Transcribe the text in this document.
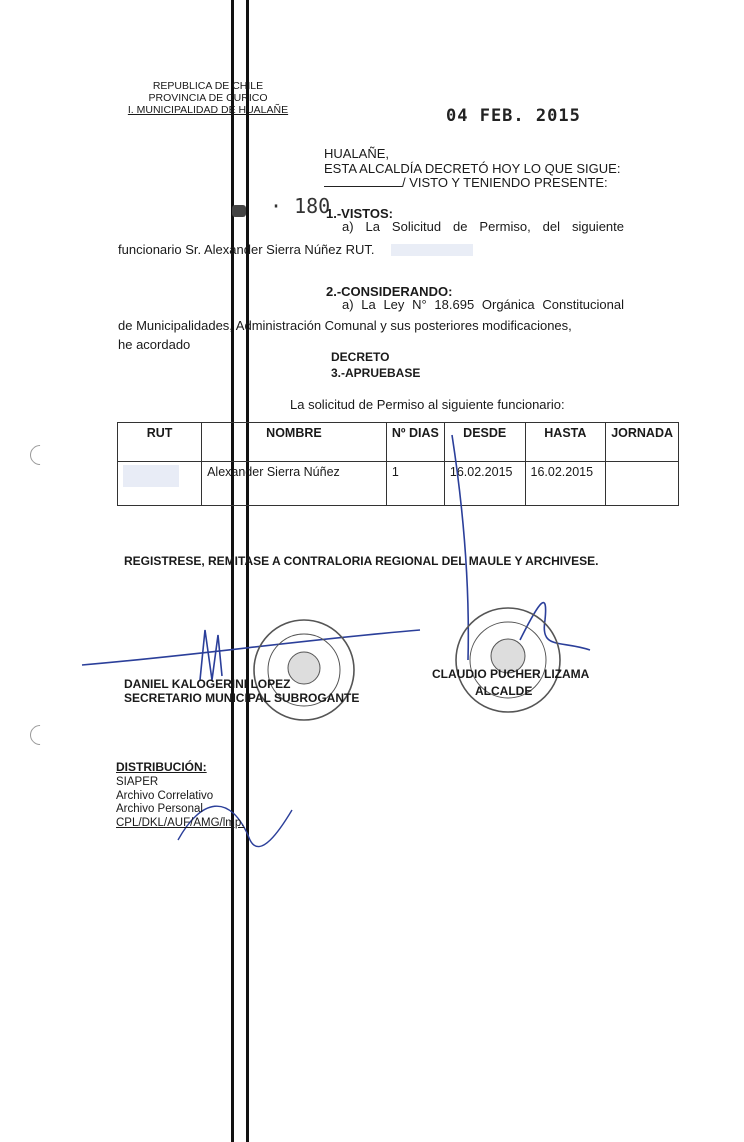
REPUBLICA DE CHILE
PROVINCIA DE CURICO
I. MUNICIPALIDAD DE HUALAÑE	04 FEB. 2015
HUALAÑE,
ESTA ALCALDÍA DECRETÓ HOY LO QUE SIGUE:
/ VISTO Y TENIENDO PRESENTE:
· 180
1.-VISTOS:
a) La Solicitud de Permiso, del siguiente
funcionario Sr. Alexander Sierra Núñez RUT.
2.-CONSIDERANDO:
a) La Ley N° 18.695 Orgánica Constitucional
de Municipalidades, Administración Comunal y sus posteriores modificaciones,
he acordado
DECRETO
3.-APRUEBASE
La solicitud de Permiso al siguiente funcionario:
RUT	NOMBRE	Nº DIAS	DESDE	HASTA	JORNADA

	Alexander Sierra Núñez	1	16.02.2015	16.02.2015	
REGISTRESE, REMITASE A CONTRALORIA REGIONAL DEL MAULE Y ARCHIVESE.
DANIEL KALOGERINI LOPEZ
SECRETARIO MUNICIPAL SUBROGANTE
CLAUDIO PUCHER LIZAMA
ALCALDE
DISTRIBUCIÓN:
SIAPER
Archivo Correlativo
Archivo Personal
CPL/DKL/AUF/AMG/lmp.
